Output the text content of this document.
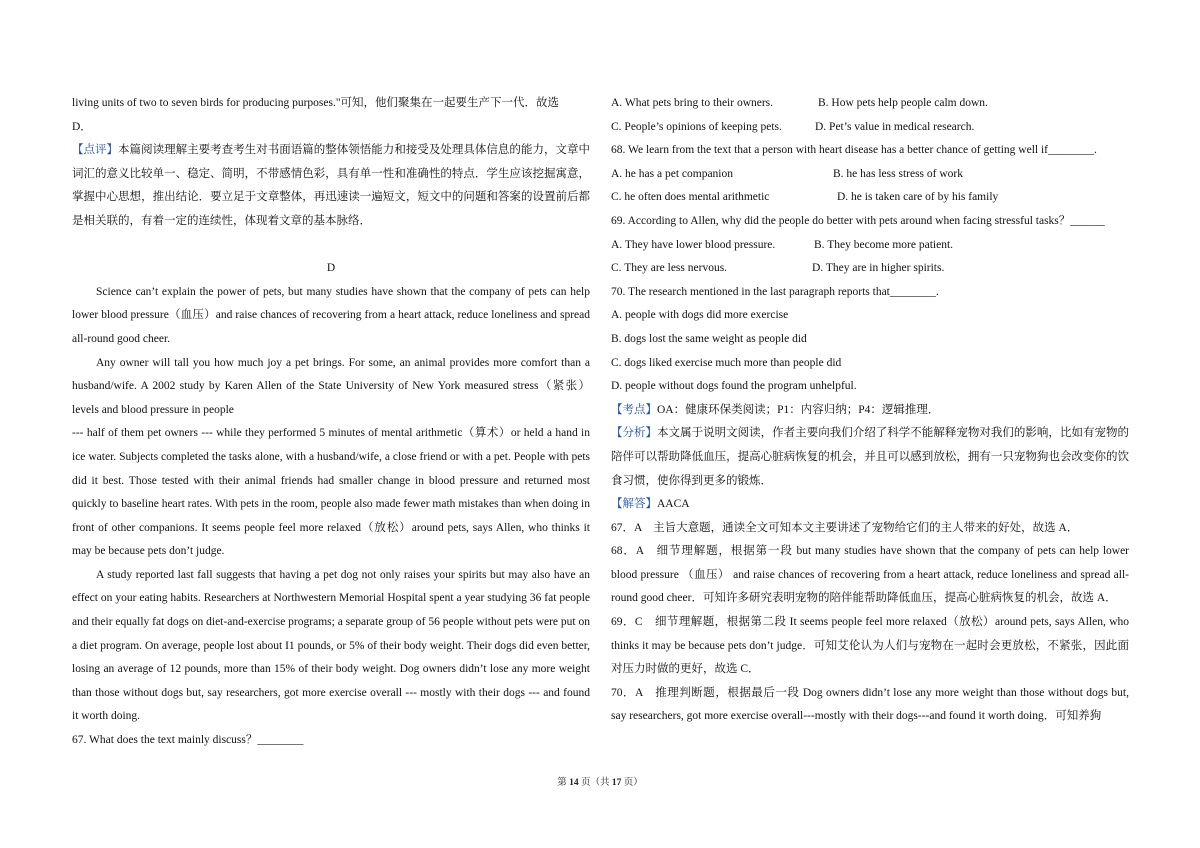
living units of two to seven birds for producing purposes."可知，他们聚集在一起要生产下一代．故选

D．

【点评】本篇阅读理解主要考查考生对书面语篇的整体领悟能力和接受及处理具体信息的能力，文章中词汇的意义比较单一、稳定、简明，不带感情色彩，具有单一性和准确性的特点．学生应该挖掘寓意，掌握中心思想，推出结论．要立足于文章整体，再迅速读一遍短文，短文中的问题和答案的设置前后都是相关联的，有着一定的连续性，体现着文章的基本脉络．

D

Science can’t explain the power of pets, but many studies have shown that the company of pets can help lower blood pressure（血压）and raise chances of recovering from a heart attack, reduce loneliness and spread all-round good cheer.

Any owner will tall you how much joy a pet brings. For some, an animal provides more comfort than a husband/wife. A 2002 study by Karen Allen of the State University of New York measured stress（紧张）levels and blood pressure in people

--- half of them pet owners --- while they performed 5 minutes of mental arithmetic（算术）or held a hand in ice water. Subjects completed the tasks alone, with a husband/wife, a close friend or with a pet. People with pets did it best. Those tested with their animal friends had smaller change in blood pressure and returned most quickly to baseline heart rates. With pets in the room, people also made fewer math mistakes than when doing in front of other companions. It seems people feel more relaxed（放松）around pets, says Allen, who thinks it may be because pets don’t judge.

A study reported last fall suggests that having a pet dog not only raises your spirits but may also have an effect on your eating habits. Researchers at Northwestern Memorial Hospital spent a year studying 36 fat people and their equally fat dogs on diet-and-exercise programs; a separate group of 56 people without pets were put on a diet program. On average, people lost about I1 pounds, or 5% of their body weight. Their dogs did even better, losing an average of 12 pounds, more than 15% of their body weight. Dog owners didn’t lose any more weight than those without dogs but, say researchers, got more exercise overall --- mostly with their dogs --- and found it worth doing.

67. What does the text mainly discuss？________

A. What pets bring to their owners.	B. How pets help people calm down.
C. People’s opinions of keeping pets.	D. Pet’s value in medical research.

68. We learn from the text that a person with heart disease has a better chance of getting well if________.

A. he has a pet companion	B. he has less stress of work
C. he often does mental arithmetic	D. he is taken care of by his family

69. According to Allen, why did the people do better with pets around when facing stressful tasks？______

A. They have lower blood pressure.	B. They become more patient.
C. They are less nervous.	D. They are in higher spirits.

70. The research mentioned in the last paragraph reports that________.

A. people with dogs did more exercise

B. dogs lost the same weight as people did

C. dogs liked exercise much more than people did

D. people without dogs found the program unhelpful.

【考点】OA：健康环保类阅读；P1：内容归纳；P4：逻辑推理．

【分析】本文属于说明文阅读，作者主要向我们介绍了科学不能解释宠物对我们的影响，比如有宠物的陪伴可以帮助降低血压，提高心脏病恢复的机会，并且可以感到放松，拥有一只宠物狗也会改变你的饮食习惯，使你得到更多的锻炼．

【解答】AACA

67．A　主旨大意题，通读全文可知本文主要讲述了宠物给它们的主人带来的好处，故选 A．

68．A　细节理解题，根据第一段 but many studies have shown that the company of pets can help lower blood pressure （血压） and raise chances of recovering from a heart attack, reduce loneliness and spread all-round good cheer．可知许多研究表明宠物的陪伴能帮助降低血压，提高心脏病恢复的机会，故选 A．

69．C　细节理解题，根据第二段 It seems people feel more relaxed（放松）around pets, says Allen, who thinks it may be because pets don’t judge．可知艾伦认为人们与宠物在一起时会更放松，不紧张，因此面对压力时做的更好，故选 C．

70．A　推理判断题，根据最后一段 Dog owners didn’t lose any more weight than those without dogs but, say researchers, got more exercise overall---mostly with their dogs---and found it worth doing．可知养狗

第 14 页（共 17 页）
